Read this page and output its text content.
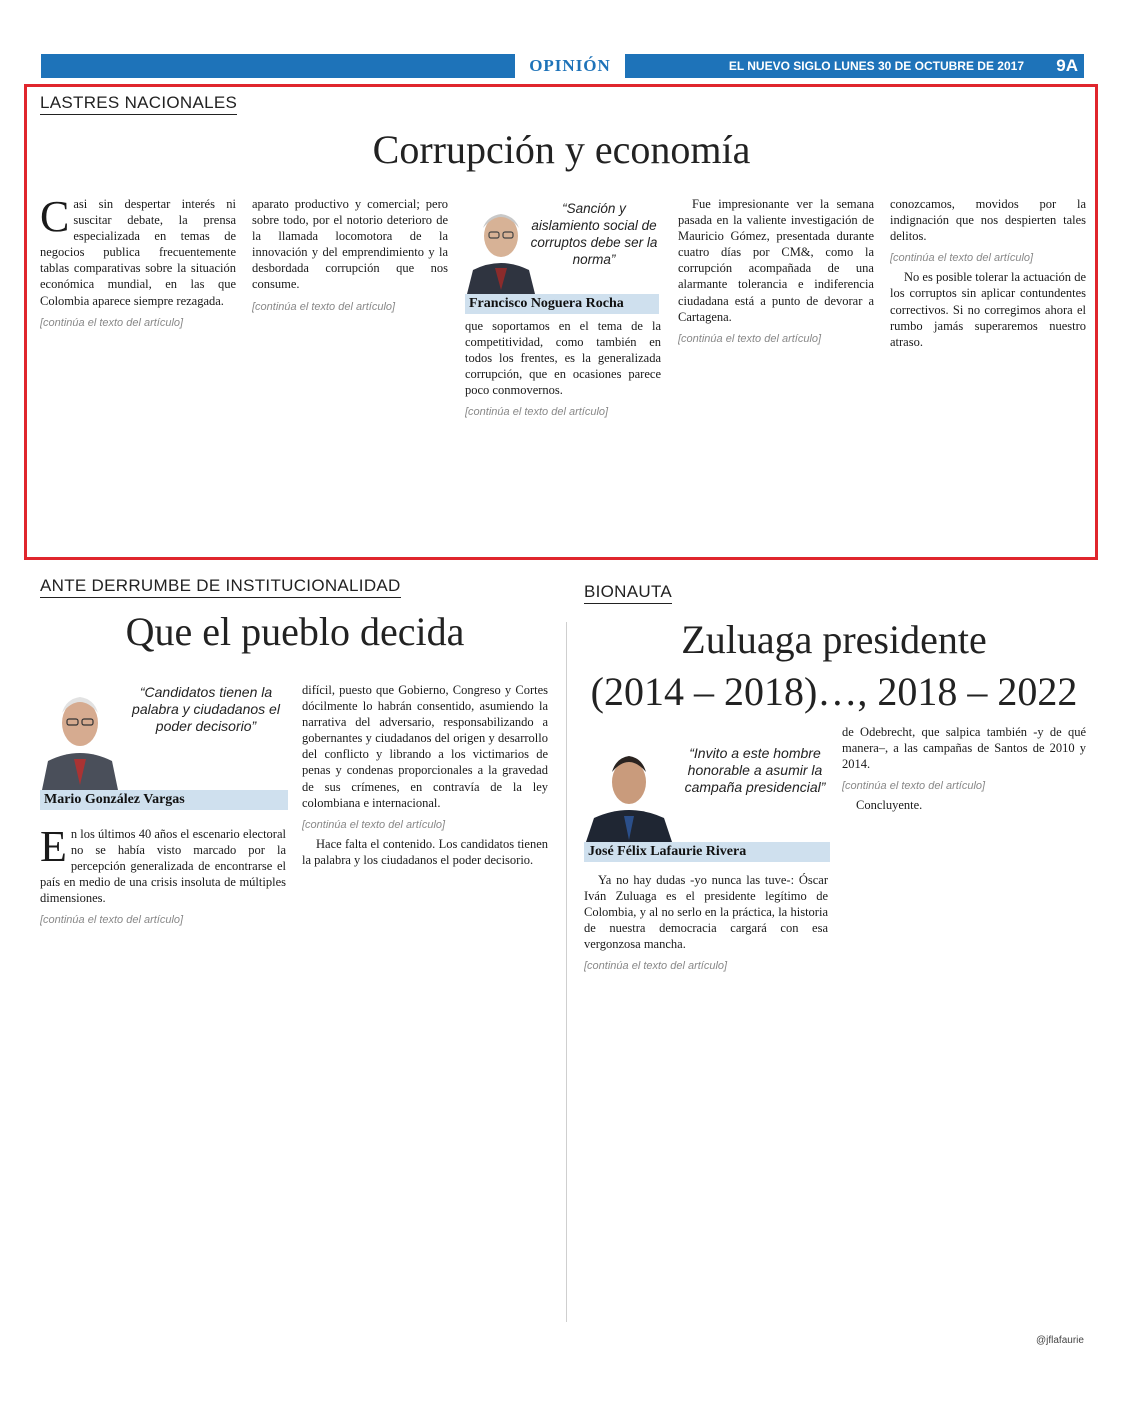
OPINIÓN	EL NUEVO SIGLO LUNES 30 DE OCTUBRE DE 2017 9A
LASTRES NACIONALES
Corrupción y economía

Casi sin despertar interés ni suscitar debate, la prensa especializada en temas de negocios publica frecuentemente tablas comparativas sobre la situación económica mundial, en las que Colombia aparece siempre rezagada.

[continúa el texto del artículo]

aparato productivo y comercial; pero sobre todo, por el notorio deterioro de la llamada locomotora de la innovación y del emprendimiento y la desbordada corrupción que nos consume.

[continúa el texto del artículo]

“Sanción y aislamiento social de corruptos debe ser la norma”
Francisco Noguera Rocha

que soportamos en el tema de la competitividad, como también en todos los frentes, es la generalizada corrupción, que en ocasiones parece poco conmovernos.

[continúa el texto del artículo]

Fue impresionante ver la semana pasada en la valiente investigación de Mauricio Gómez, presentada durante cuatro días por CM&, como la corrupción acompañada de una alarmante tolerancia e indiferencia ciudadana está a punto de devorar a Cartagena.

[continúa el texto del artículo]

conozcamos, movidos por la indignación que nos despierten tales delitos.

[continúa el texto del artículo]

No es posible tolerar la actuación de los corruptos sin aplicar contundentes correctivos. Si no corregimos ahora el rumbo jamás superaremos nuestro atraso.

ANTE DERRUMBE DE INSTITUCIONALIDAD
Que el pueblo decida
“Candidatos tienen la palabra y ciudadanos el poder decisorio”
Mario González Vargas

En los últimos 40 años el escenario electoral no se había visto marcado por la percepción generalizada de encontrarse el país en medio de una crisis insoluta de múltiples dimensiones.

[continúa el texto del artículo]

difícil, puesto que Gobierno, Congreso y Cortes dócilmente lo habrán consentido, asumiendo la narrativa del adversario, responsabilizando a gobernantes y ciudadanos del origen y desarrollo del conflicto y librando a los victimarios de penas y condenas proporcionales a la gravedad de sus crímenes, en contravía de la ley colombiana e internacional.

[continúa el texto del artículo]

Hace falta el contenido. Los candidatos tienen la palabra y los ciudadanos el poder decisorio.

BIONAUTA
Zuluaga presidente
(2014 – 2018)…, 2018 – 2022
“Invito a este hombre honorable a asumir la campaña presidencial”
José Félix Lafaurie Rivera

Ya no hay dudas -yo nunca las tuve-: Óscar Iván Zuluaga es el presidente legítimo de Colombia, y al no serlo en la práctica, la historia de nuestra democracia cargará con esa vergonzosa mancha.

[continúa el texto del artículo]

de Odebrecht, que salpica también -y de qué manera–, a las campañas de Santos de 2010 y 2014.

[continúa el texto del artículo]

Concluyente.

@jflafaurie
